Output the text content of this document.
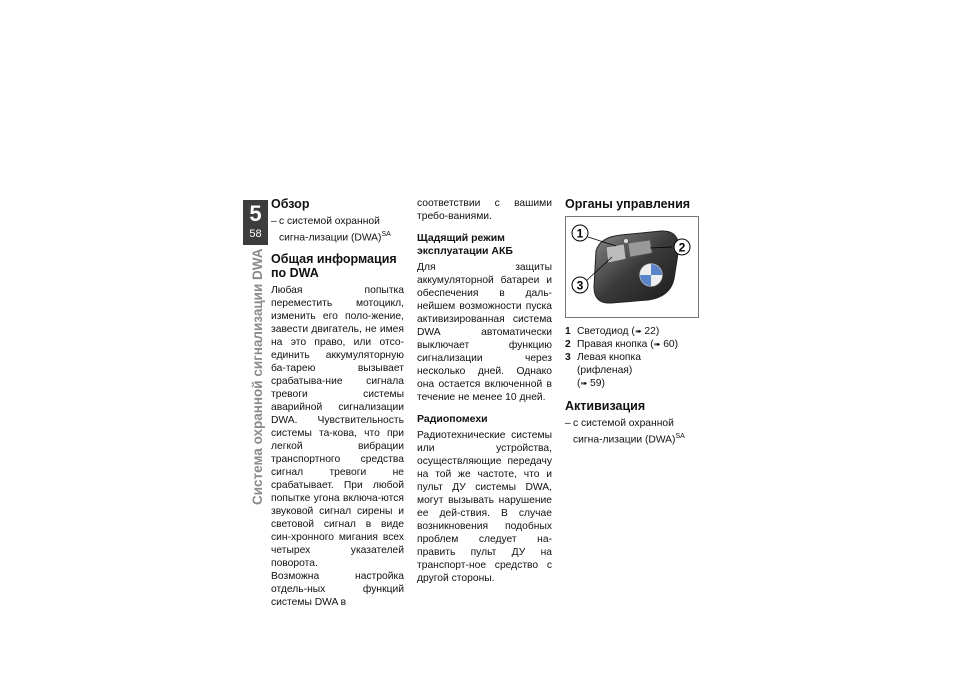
5
58
Система охранной сигнализации DWA
Обзор
– с системой охранной сигна-лизации (DWA)$^{SA}$
Общая информация по DWA

Любая попытка переместить мотоцикл, изменить его поло-жение, завести двигатель, не имея на это право, или отсо-единить аккумуляторную ба-тарею вызывает срабатыва-ние сигнала тревоги системы аварийной сигнализации DWA. Чувствительность системы та-кова, что при легкой вибрации транспортного средства сигнал тревоги не срабатывает. При любой попытке угона включа-ются звуковой сигнал сирены и световой сигнал в виде син-хронного мигания всех четырех указателей поворота.

Возможна настройка отдель-ных функций системы DWA в

соответствии с вашими требо-ваниями.

Щадящий режим эксплуатации АКБ

Для защиты аккумуляторной батареи и обеспечения в даль-нейшем возможности пуска активизированная система DWA автоматически выключает функцию сигнализации через несколько дней. Однако она остается включенной в течение не менее 10 дней.

Радиопомехи

Радиотехнические системы или устройства, осуществляющие передачу на той же частоте, что и пульт ДУ системы DWA, могут вызывать нарушение ее дей-ствия. В случае возникновения подобных проблем следует на-править пульт ДУ на транспорт-ное средство с другой стороны.

Органы управления
1
2
3
1 Светодиод (➠ 22)
2 Правая кнопка (➠ 60)
3 Левая кнопка (рифленая)
(➠ 59)
Активизация
– с системой охранной сигна-лизации (DWA)$^{SA}$
